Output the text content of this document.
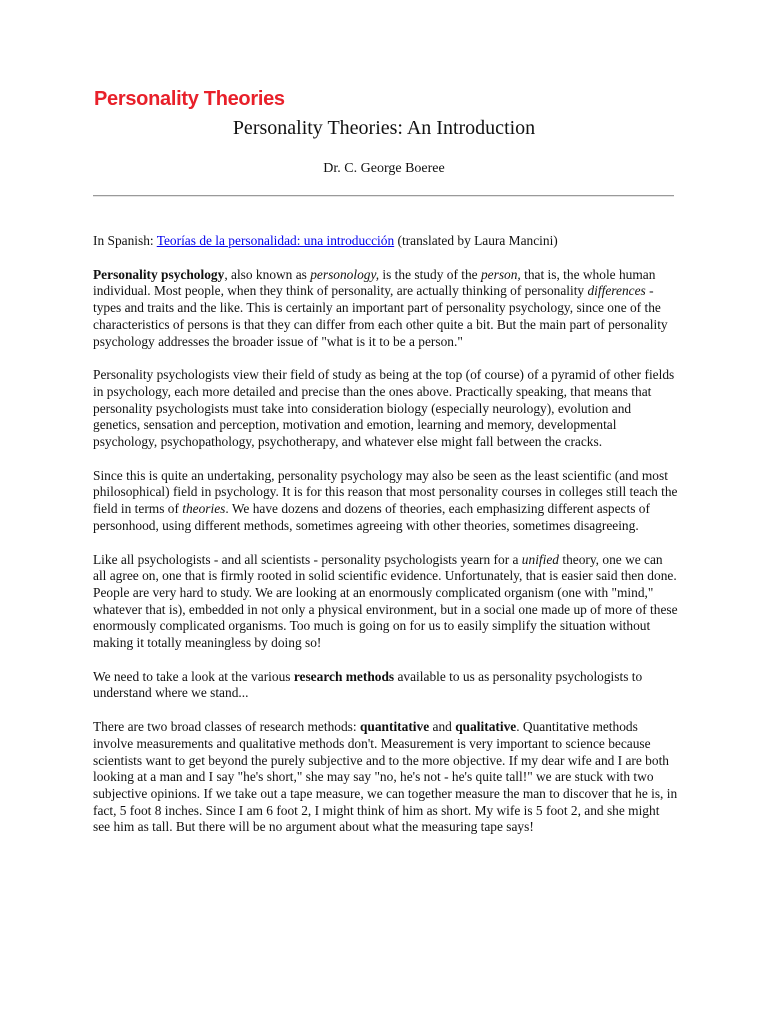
Personality Theories
Personality Theories: An Introduction
Dr. C. George Boeree

In Spanish: Teorías de la personalidad: una introducción (translated by Laura Mancini)

Personality psychology, also known as personology, is the study of the person, that is, the whole human individual. Most people, when they think of personality, are actually thinking of personality differences - types and traits and the like. This is certainly an important part of personality psychology, since one of the characteristics of persons is that they can differ from each other quite a bit. But the main part of personality psychology addresses the broader issue of "what is it to be a person."

Personality psychologists view their field of study as being at the top (of course) of a pyramid of other fields in psychology, each more detailed and precise than the ones above. Practically speaking, that means that personality psychologists must take into consideration biology (especially neurology), evolution and genetics, sensation and perception, motivation and emotion, learning and memory, developmental psychology, psychopathology, psychotherapy, and whatever else might fall between the cracks.

Since this is quite an undertaking, personality psychology may also be seen as the least scientific (and most philosophical) field in psychology. It is for this reason that most personality courses in colleges still teach the field in terms of theories. We have dozens and dozens of theories, each emphasizing different aspects of personhood, using different methods, sometimes agreeing with other theories, sometimes disagreeing.

Like all psychologists - and all scientists - personality psychologists yearn for a unified theory, one we can all agree on, one that is firmly rooted in solid scientific evidence. Unfortunately, that is easier said then done. People are very hard to study. We are looking at an enormously complicated organism (one with "mind," whatever that is), embedded in not only a physical environment, but in a social one made up of more of these enormously complicated organisms. Too much is going on for us to easily simplify the situation without making it totally meaningless by doing so!

We need to take a look at the various research methods available to us as personality psychologists to understand where we stand...

There are two broad classes of research methods: quantitative and qualitative. Quantitative methods involve measurements and qualitative methods don't. Measurement is very important to science because scientists want to get beyond the purely subjective and to the more objective. If my dear wife and I are both looking at a man and I say "he's short," she may say "no, he's not - he's quite tall!" we are stuck with two subjective opinions. If we take out a tape measure, we can together measure the man to discover that he is, in fact, 5 foot 8 inches. Since I am 6 foot 2, I might think of him as short. My wife is 5 foot 2, and she might see him as tall. But there will be no argument about what the measuring tape says!
